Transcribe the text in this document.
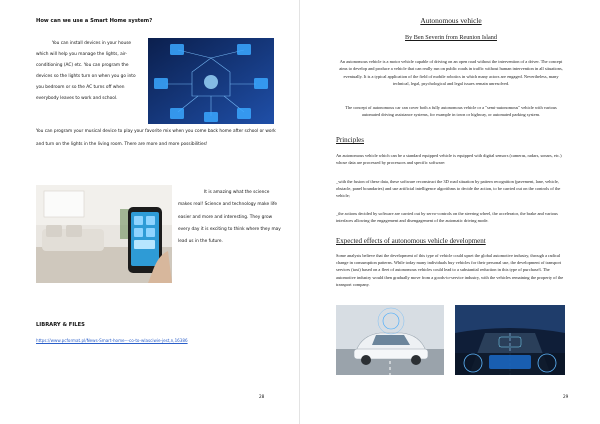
How can we use a Smart Home system?
You can install devices in your house which will help you manage the lights, air-conditioning (AC) etc. You can program the devices so the lights turn on when you go into you bedroom or so the AC turns off when everybody leaves to work and school.
You can program your musical device to play your favorite mix when you come back home after school or work and turn on the lights in the living room. There are more and more possibilities!
It is amazing what the science makes real! Science and technology make life easier and more and interesting. They grow every day it is exciting to think where they may lead us in the future.
LIBRARY & FILES
https://www.pcformat.pl/News-Smart-home---co-to-wlasciwie-jest,n,16386
28
Autonomous vehicle
By Ben Severin from Reunion Island
An autonomous vehicle is a motor vehicle capable of driving on an open road without the intervention of a driver. The concept aims to develop and produce a vehicle that can really run on public roads in traffic without human intervention in all situations, eventually. It is a typical application of the field of mobile robotics in which many actors are engaged. Nevertheless, many technical, legal, psychological and legal issues remain unresolved.
The concept of autonomous car can cover both a fully autonomous vehicle or a "semi-autonomous" vehicle with various automated driving assistance systems, for example in town or highway, or automated parking system.
Principles
An autonomous vehicle which can be a standard equipped vehicle is equipped with digital sensors (cameras, radars, sonars, etc.) whose data are processed by processors and specific software:
_with the fusion of these data, these software reconstruct the 3D road situation by pattern recognition (pavement, lane, vehicle, obstacle, panel boundaries) and use artificial intelligence algorithms to decide the action, to be carried out on the controls of the vehicle;
_the actions decided by software are carried out by servo-controls on the steering wheel, the accelerator, the brake and various interfaces allowing the engagement and disengagement of the automatic driving mode.
Expected effects of autonomous vehicle development
Some analysts believe that the development of this type of vehicle could upset the global automotive industry, through a radical change in consumption patterns. While today many individuals buy vehicles for their personal use, the development of transport services (taxi) based on a fleet of autonomous vehicles could lead to a substantial reduction in this type of purchase3. The automotive industry would then gradually move from a goods-to-service industry, with the vehicles remaining the property of the transport company.
29
